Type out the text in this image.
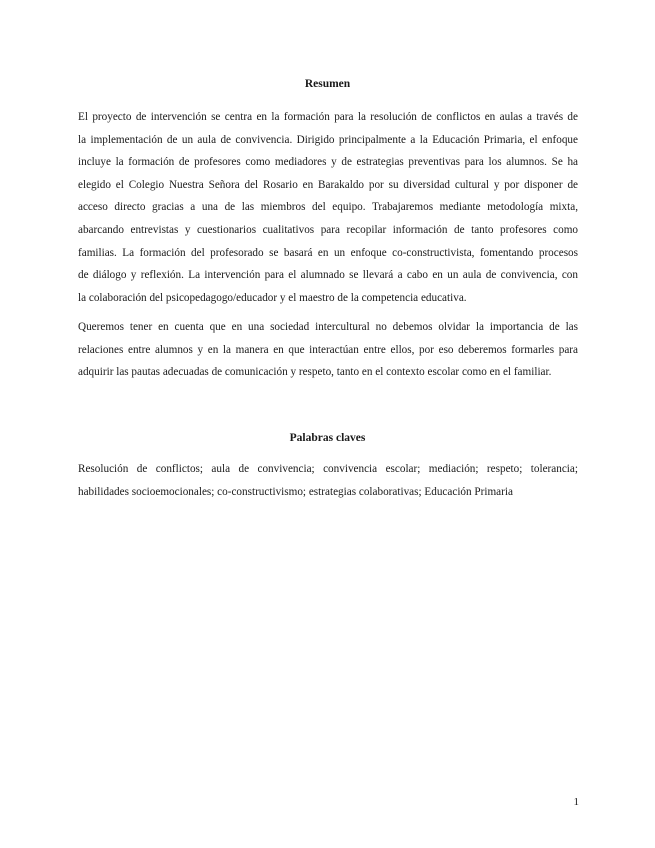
Resumen

El proyecto de intervención se centra en la formación para la resolución de conflictos en aulas a través de
la implementación de un aula de convivencia. Dirigido principalmente a la Educación Primaria, el enfoque
incluye la formación de profesores como mediadores y de estrategias preventivas para los alumnos. Se ha
elegido el Colegio Nuestra Señora del Rosario en Barakaldo por su diversidad cultural y por disponer de
acceso directo gracias a una de las miembros del equipo. Trabajaremos mediante metodología mixta,
abarcando entrevistas y cuestionarios cualitativos para recopilar información de tanto profesores como
familias. La formación del profesorado se basará en un enfoque co-constructivista, fomentando procesos
de diálogo y reflexión. La intervención para el alumnado se llevará a cabo en un aula de convivencia, con
la colaboración del psicopedagogo/educador y el maestro de la competencia educativa.

Queremos tener en cuenta que en una sociedad intercultural no debemos olvidar la importancia de las
relaciones entre alumnos y en la manera en que interactúan entre ellos, por eso deberemos formarles para
adquirir las pautas adecuadas de comunicación y respeto, tanto en el contexto escolar como en el familiar.

Palabras claves

Resolución de conflictos; aula de convivencia; convivencia escolar; mediación; respeto; tolerancia;
habilidades socioemocionales; co-constructivismo; estrategias colaborativas; Educación Primaria

1
